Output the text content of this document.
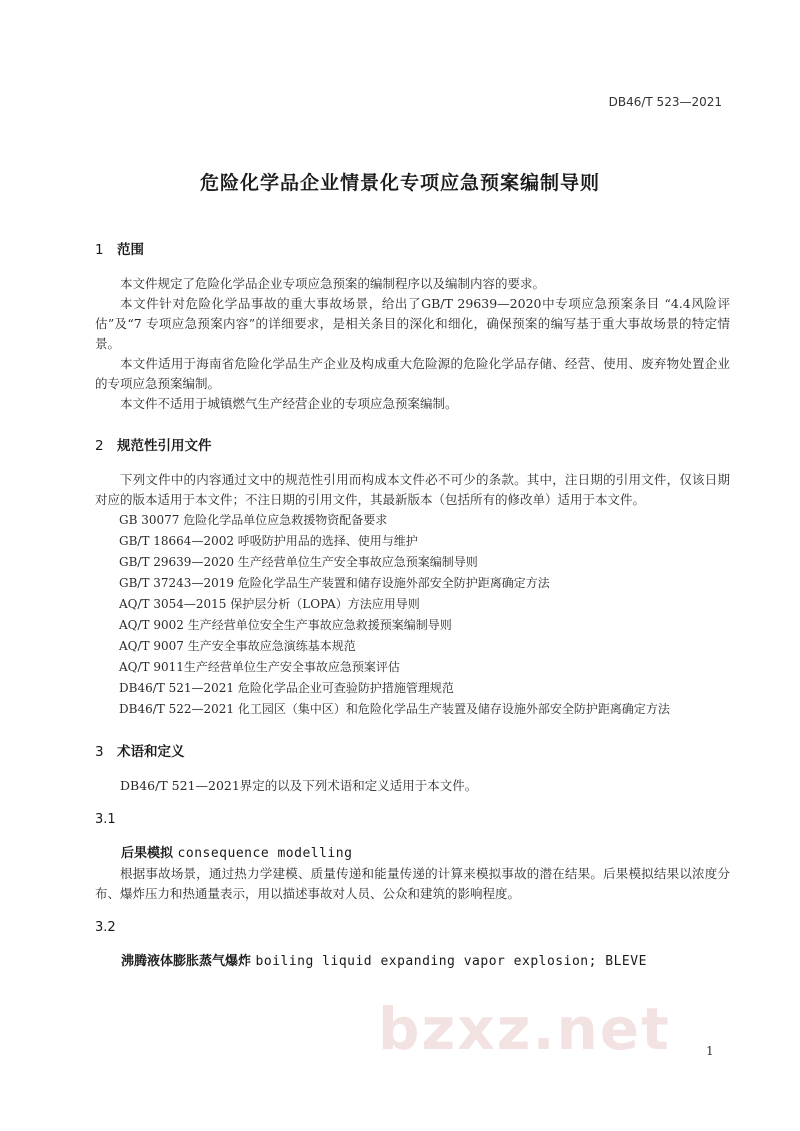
DB46/T 523—2021
危险化学品企业情景化专项应急预案编制导则
1 范围

本文件规定了危险化学品企业专项应急预案的编制程序以及编制内容的要求。

本文件针对危险化学品事故的重大事故场景，给出了GB/T 29639—2020中专项应急预案条目 “4.4风险评估”及“7 专项应急预案内容”的详细要求，是相关条目的深化和细化，确保预案的编写基于重大事故场景的特定情景。

本文件适用于海南省危险化学品生产企业及构成重大危险源的危险化学品存储、经营、使用、废弃物处置企业的专项应急预案编制。

本文件不适用于城镇燃气生产经营企业的专项应急预案编制。

2 规范性引用文件

下列文件中的内容通过文中的规范性引用而构成本文件必不可少的条款。其中，注日期的引用文件，仅该日期对应的版本适用于本文件；不注日期的引用文件，其最新版本（包括所有的修改单）适用于本文件。

GB 30077 危险化学品单位应急救援物资配备要求
GB/T 18664—2002 呼吸防护用品的选择、使用与维护
GB/T 29639—2020 生产经营单位生产安全事故应急预案编制导则
GB/T 37243—2019 危险化学品生产装置和储存设施外部安全防护距离确定方法
AQ/T 3054—2015 保护层分析（LOPA）方法应用导则
AQ/T 9002 生产经营单位安全生产事故应急救援预案编制导则
AQ/T 9007 生产安全事故应急演练基本规范
AQ/T 9011生产经营单位生产安全事故应急预案评估
DB46/T 521—2021 危险化学品企业可查验防护措施管理规范
DB46/T 522—2021 化工园区（集中区）和危险化学品生产装置及储存设施外部安全防护距离确定方法
3 术语和定义

DB46/T 521—2021界定的以及下列术语和定义适用于本文件。

3.1
后果模拟 consequence modelling

根据事故场景，通过热力学建模、质量传递和能量传递的计算来模拟事故的潜在结果。后果模拟结果以浓度分布、爆炸压力和热通量表示，用以描述事故对人员、公众和建筑的影响程度。

3.2
沸腾液体膨胀蒸气爆炸 boiling liquid expanding vapor explosion; BLEVE
bzxz.net	1
